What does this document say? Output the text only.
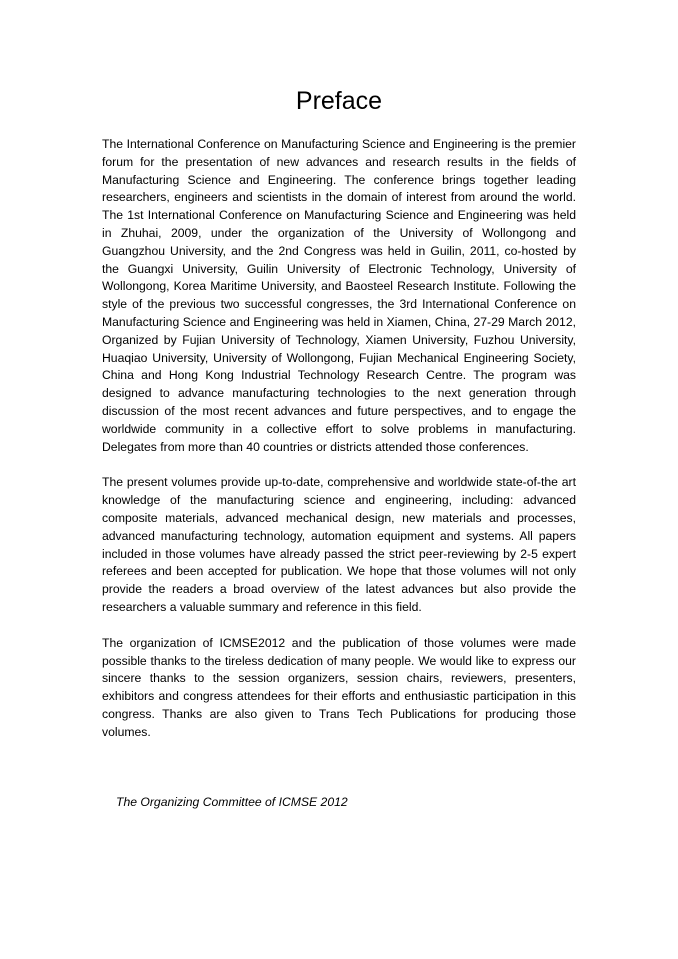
Preface

The International Conference on Manufacturing Science and Engineering is the premier forum for the presentation of new advances and research results in the fields of Manufacturing Science and Engineering. The conference brings together leading researchers, engineers and scientists in the domain of interest from around the world. The 1st International Conference on Manufacturing Science and Engineering was held in Zhuhai, 2009, under the organization of the University of Wollongong and Guangzhou University, and the 2nd Congress was held in Guilin, 2011, co-hosted by the Guangxi University, Guilin University of Electronic Technology, University of Wollongong, Korea Maritime University, and Baosteel Research Institute. Following the style of the previous two successful congresses, the 3rd International Conference on Manufacturing Science and Engineering was held in Xiamen, China, 27-29 March 2012, Organized by Fujian University of Technology, Xiamen University, Fuzhou University, Huaqiao University, University of Wollongong, Fujian Mechanical Engineering Society, China and Hong Kong Industrial Technology Research Centre. The program was designed to advance manufacturing technologies to the next generation through discussion of the most recent advances and future perspectives, and to engage the worldwide community in a collective effort to solve problems in manufacturing. Delegates from more than 40 countries or districts attended those conferences.

The present volumes provide up-to-date, comprehensive and worldwide state-of-the art knowledge of the manufacturing science and engineering, including: advanced composite materials, advanced mechanical design, new materials and processes, advanced manufacturing technology, automation equipment and systems. All papers included in those volumes have already passed the strict peer-reviewing by 2-5 expert referees and been accepted for publication. We hope that those volumes will not only provide the readers a broad overview of the latest advances but also provide the researchers a valuable summary and reference in this field.

The organization of ICMSE2012 and the publication of those volumes were made possible thanks to the tireless dedication of many people. We would like to express our sincere thanks to the session organizers, session chairs, reviewers, presenters, exhibitors and congress attendees for their efforts and enthusiastic participation in this congress. Thanks are also given to Trans Tech Publications for producing those volumes.

The Organizing Committee of ICMSE 2012
